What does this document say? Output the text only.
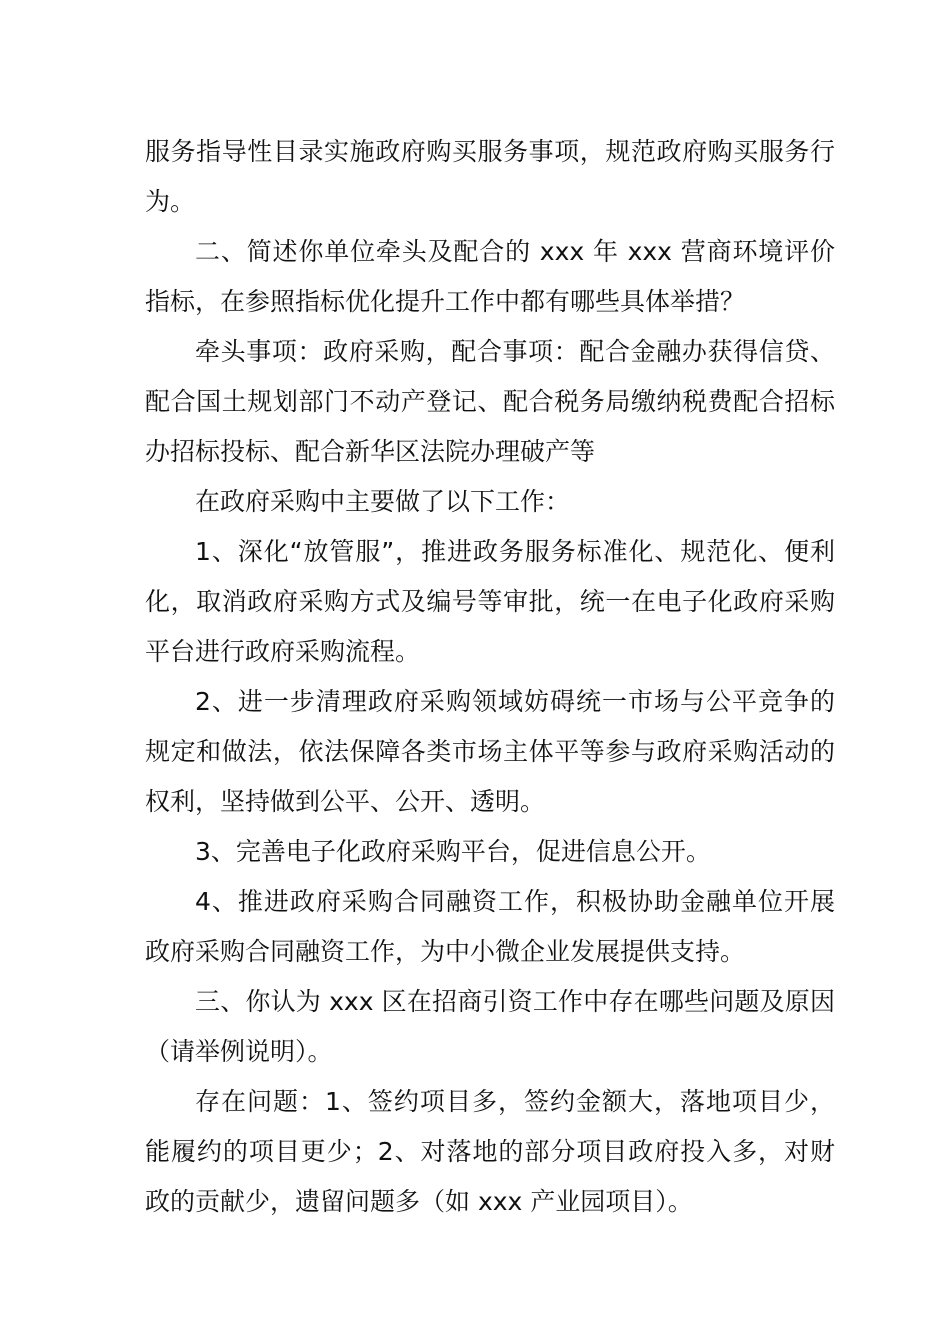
服务指导性目录实施政府购买服务事项，规范政府购买服务行为。

二、简述你单位牵头及配合的 xxx 年 xxx 营商环境评价指标，在参照指标优化提升工作中都有哪些具体举措？

牵头事项：政府采购，配合事项：配合金融办获得信贷、配合国土规划部门不动产登记、配合税务局缴纳税费配合招标办招标投标、配合新华区法院办理破产等

在政府采购中主要做了以下工作：

1、深化“放管服”，推进政务服务标准化、规范化、便利化，取消政府采购方式及编号等审批，统一在电子化政府采购平台进行政府采购流程。

2、进一步清理政府采购领域妨碍统一市场与公平竞争的规定和做法，依法保障各类市场主体平等参与政府采购活动的权利，坚持做到公平、公开、透明。

3、完善电子化政府采购平台，促进信息公开。

4、推进政府采购合同融资工作，积极协助金融单位开展政府采购合同融资工作，为中小微企业发展提供支持。

三、你认为 xxx 区在招商引资工作中存在哪些问题及原因（请举例说明）。

存在问题：1、签约项目多，签约金额大，落地项目少，能履约的项目更少；2、对落地的部分项目政府投入多，对财政的贡献少，遗留问题多（如 xxx 产业园项目）。
